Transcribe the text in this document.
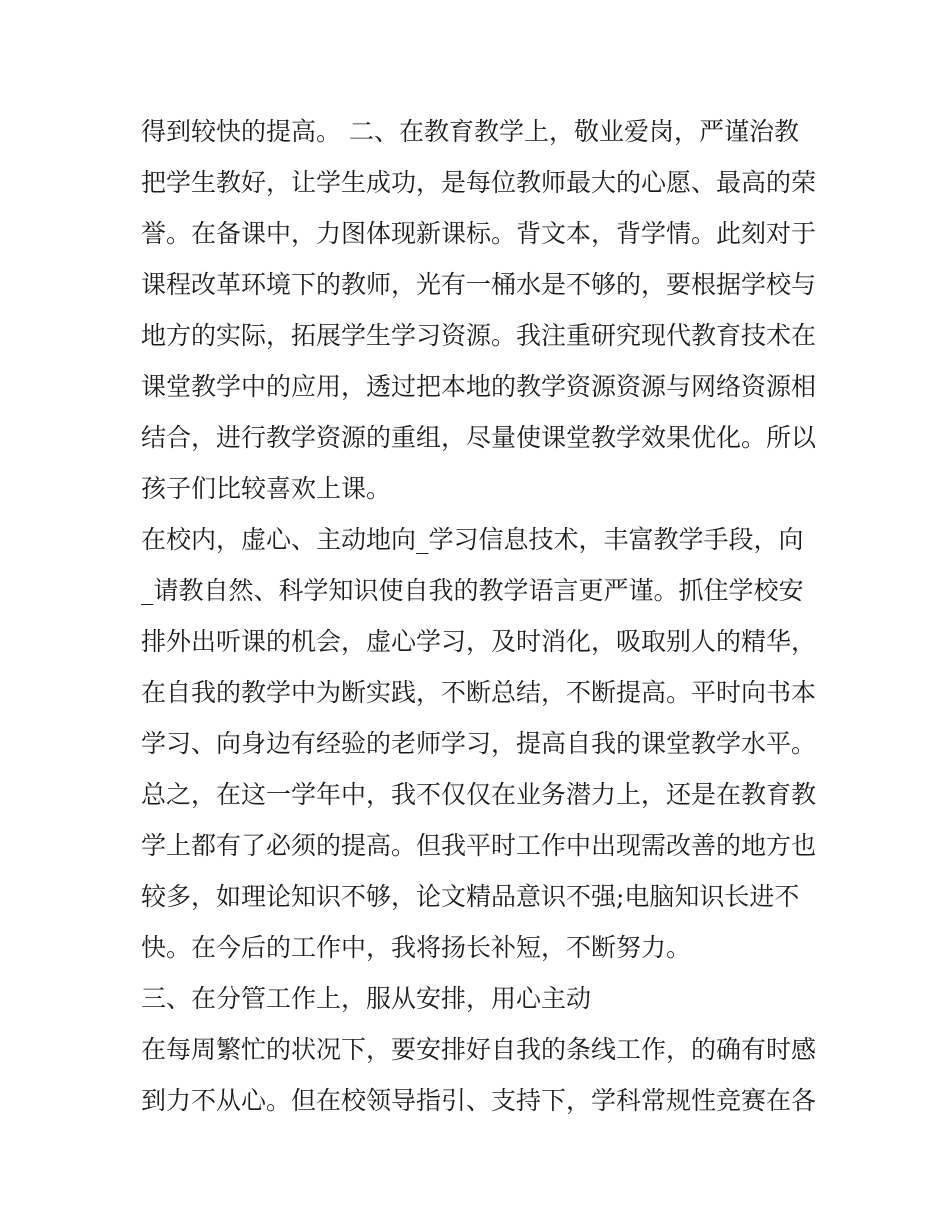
得到较快的提高。 二、在教育教学上，敬业爱岗，严谨治教
把学生教好，让学生成功，是每位教师最大的心愿、最高的荣
誉。在备课中，力图体现新课标。背文本，背学情。此刻对于
课程改革环境下的教师，光有一桶水是不够的，要根据学校与
地方的实际，拓展学生学习资源。我注重研究现代教育技术在
课堂教学中的应用，透过把本地的教学资源资源与网络资源相
结合，进行教学资源的重组，尽量使课堂教学效果优化。所以
孩子们比较喜欢上课。
在校内，虚心、主动地向_学习信息技术，丰富教学手段，向
_请教自然、科学知识使自我的教学语言更严谨。抓住学校安
排外出听课的机会，虚心学习，及时消化，吸取别人的精华，
在自我的教学中为断实践，不断总结，不断提高。平时向书本
学习、向身边有经验的老师学习，提高自我的课堂教学水平。
总之，在这一学年中，我不仅仅在业务潜力上，还是在教育教
学上都有了必须的提高。但我平时工作中出现需改善的地方也
较多，如理论知识不够，论文精品意识不强;电脑知识长进不
快。在今后的工作中，我将扬长补短，不断努力。
三、在分管工作上，服从安排，用心主动
在每周繁忙的状况下，要安排好自我的条线工作，的确有时感
到力不从心。但在校领导指引、支持下，学科常规性竞赛在各
